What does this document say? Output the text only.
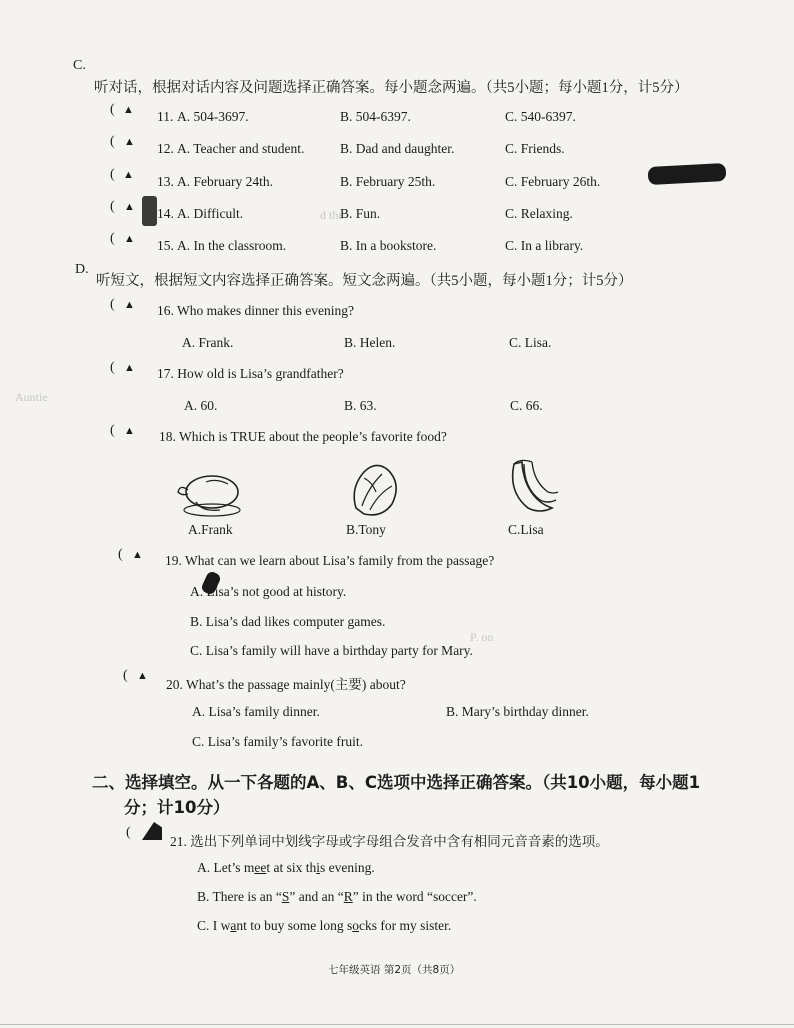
d the
Auntie
P. on
C.
听对话，根据对话内容及问题选择正确答案。每小题念两遍。（共5小题；每小题1分，计5分）
( ▲ 11. A. 504-3697.	B. 504-6397.	C. 540-6397.
( ▲ 12. A. Teacher and student.	B. Dad and daughter.	C. Friends.
( ▲ 13. A. February 24th.	B. February 25th.	C. February 26th.
( ▲ 14. A. Difficult.	B. Fun.	C. Relaxing.
( ▲ 15. A. In the classroom.	B. In a bookstore.	C. In a library.
D.
听短文，根据短文内容选择正确答案。短文念两遍。（共5小题，每小题1分；计5分）
( ▲ 16. Who makes dinner this evening?
A. Frank.	B. Helen.	C. Lisa.
( ▲ 17. How old is Lisa’s grandfather?
A. 60.	B. 63.	C. 66.
( ▲ 18. Which is TRUE about the people’s favorite food?
A.Frank	B.Tony	C.Lisa
( ▲ 19. What can we learn about Lisa’s family from the passage?
A. Lisa’s not good at history.
B. Lisa’s dad likes computer games.
C. Lisa’s family will have a birthday party for Mary.
( ▲
20. What’s the passage mainly(主要) about?
A. Lisa’s family dinner.	B. Mary’s birthday dinner.
C. Lisa’s family’s favorite fruit.
二、选择填空。从一下各题的A、B、C选项中选择正确答案。（共10小题，每小题1
分；计10分）
(
21. 选出下列单词中划线字母或字母组合发音中含有相同元音音素的选项。
A. Let’s meet at six this evening.
B. There is an “S” and an “R” in the word “soccer”.
C. I want to buy some long socks for my sister.
七年级英语 第2页（共8页）
